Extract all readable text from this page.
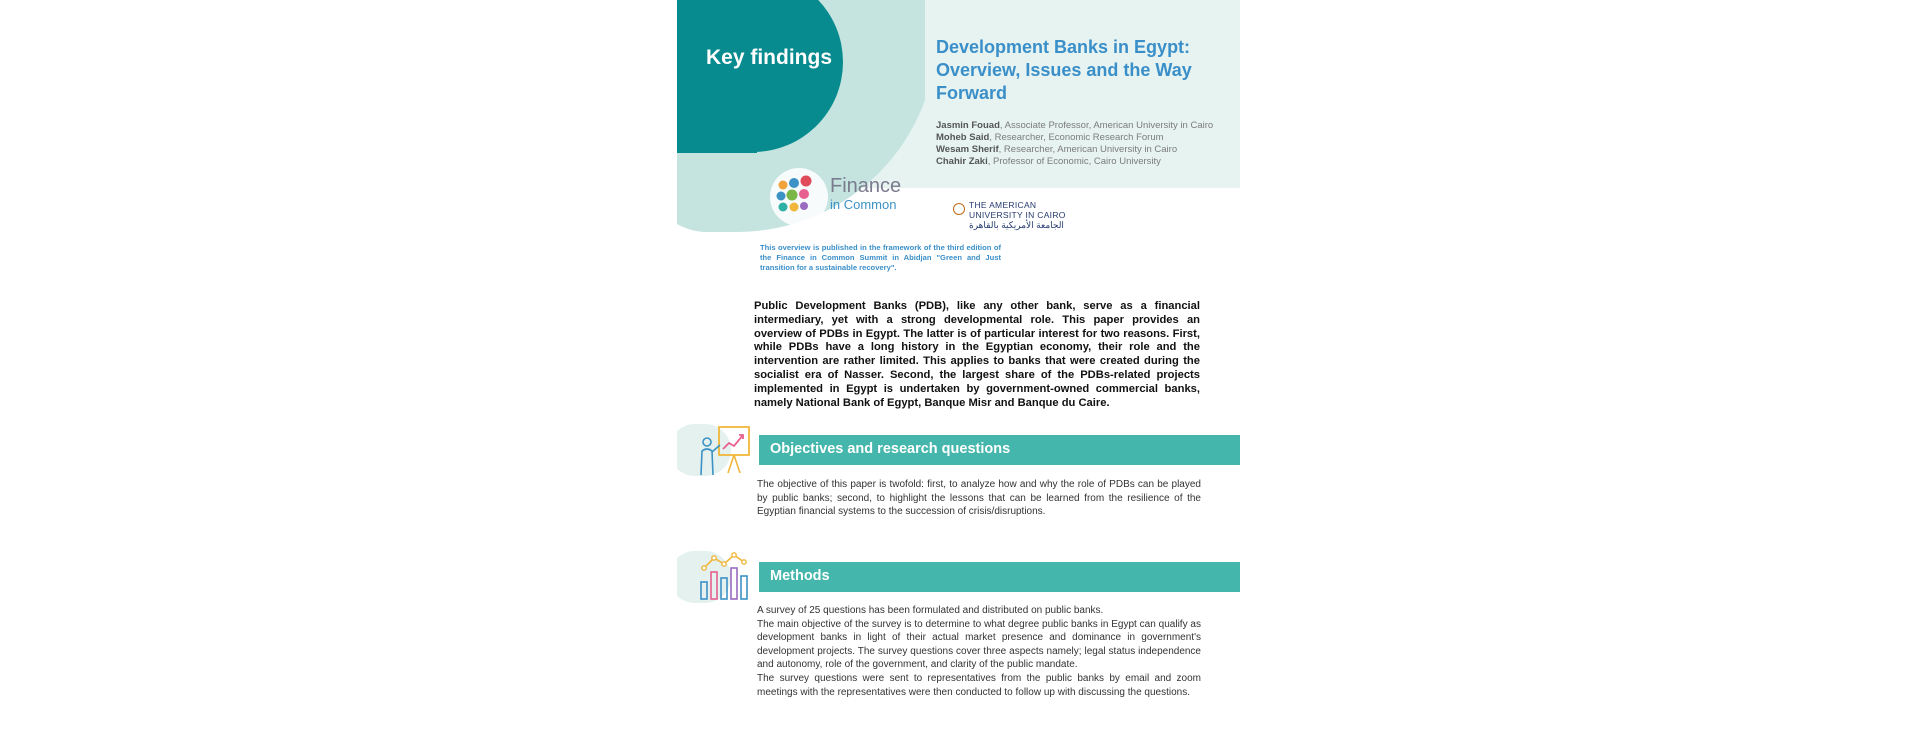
Key findings	Development Banks in Egypt: Overview, Issues and the Way Forward
Jasmin Fouad, Associate Professor, American University in Cairo
Moheb Said, Researcher, Economic Research Forum
Wesam Sherif, Researcher, American University in Cairo
Chahir Zaki, Professor of Economic, Cairo University
Finance
in Common	THE AMERICAN
UNIVERSITY IN CAIRO
الجامعة الأمريكية بالقاهرة
This overview is published in the framework of the third edition of the Finance in Common Summit in Abidjan "Green and Just transition for a sustainable recovery".
Public Development Banks (PDB), like any other bank, serve as a financial intermediary, yet with a strong developmental role. This paper provides an overview of PDBs in Egypt. The latter is of particular interest for two reasons. First, while PDBs have a long history in the Egyptian economy, their role and the intervention are rather limited. This applies to banks that were created during the socialist era of Nasser. Second, the largest share of the PDBs-related projects implemented in Egypt is undertaken by government-owned commercial banks, namely National Bank of Egypt, Banque Misr and Banque du Caire.
Objectives and research questions
The objective of this paper is twofold: first, to analyze how and why the role of PDBs can be played by public banks; second, to highlight the lessons that can be learned from the resilience of the Egyptian financial systems to the succession of crisis/disruptions.
Methods

A survey of 25 questions has been formulated and distributed on public banks.

The main objective of the survey is to determine to what degree public banks in Egypt can qualify as development banks in light of their actual market presence and dominance in government's development projects. The survey questions cover three aspects namely; legal status independence and autonomy, role of the government, and clarity of the public mandate.

The survey questions were sent to representatives from the public banks by email and zoom meetings with the representatives were then conducted to follow up with discussing the questions.
